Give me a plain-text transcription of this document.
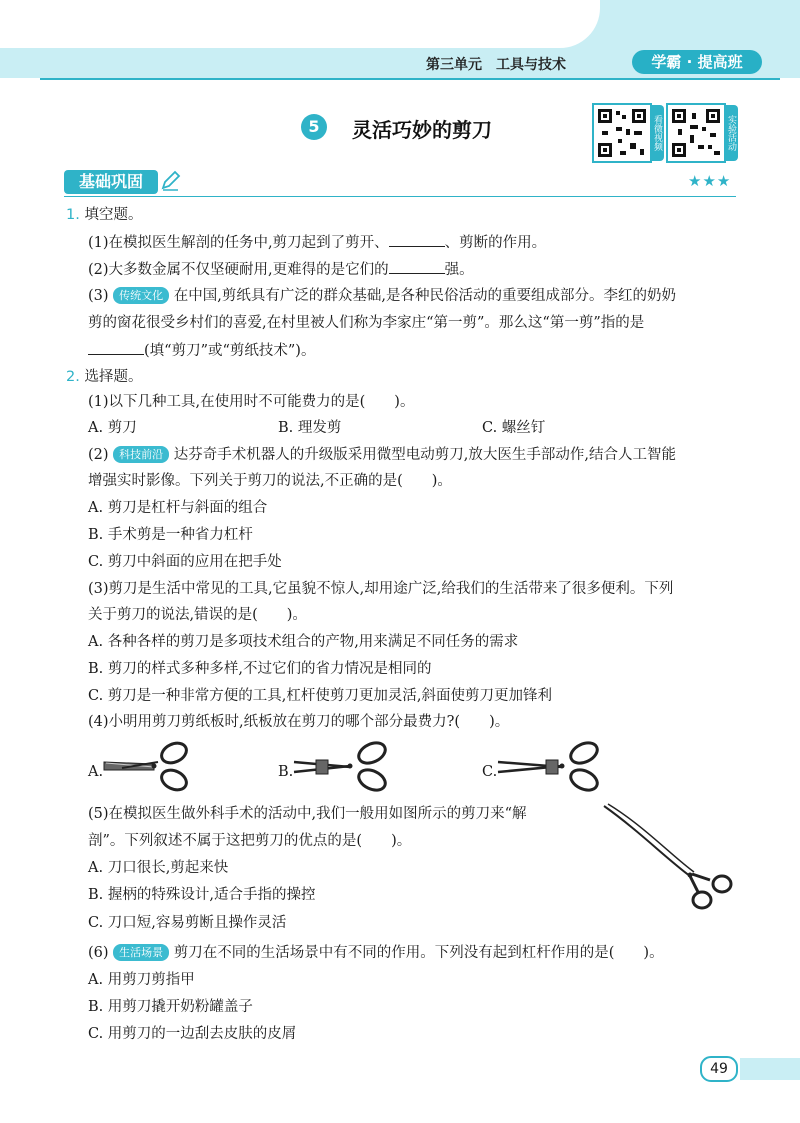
第三单元　工具与技术	学霸 · 提高班
5	灵活巧妙的剪刀	看微视频	实验活动
基础巩固	★★★
1. 填空题。
(1)在模拟医生解剖的任务中,剪刀起到了剪开、	、剪断的作用。
(2)大多数金属不仅坚硬耐用,更难得的是它们的	强。
(3) 传统文化 在中国,剪纸具有广泛的群众基础,是各种民俗活动的重要组成部分。李红的奶奶
剪的窗花很受乡村们的喜爱,在村里被人们称为李家庄“第一剪”。那么这“第一剪”指的是
(填“剪刀”或“剪纸技术”)。
2. 选择题。
(1)以下几种工具,在使用时不可能费力的是(　　)。
A. 剪刀	B. 理发剪	C. 螺丝钉
(2) 科技前沿 达芬奇手术机器人的升级版采用微型电动剪刀,放大医生手部动作,结合人工智能
增强实时影像。下列关于剪刀的说法,不正确的是(　　)。
A. 剪刀是杠杆与斜面的组合
B. 手术剪是一种省力杠杆
C. 剪刀中斜面的应用在把手处
(3)剪刀是生活中常见的工具,它虽貌不惊人,却用途广泛,给我们的生活带来了很多便利。下列
关于剪刀的说法,错误的是(　　)。
A. 各种各样的剪刀是多项技术组合的产物,用来满足不同任务的需求
B. 剪刀的样式多种多样,不过它们的省力情况是相同的
C. 剪刀是一种非常方便的工具,杠杆使剪刀更加灵活,斜面使剪刀更加锋利
(4)小明用剪刀剪纸板时,纸板放在剪刀的哪个部分最费力?(　　)。
A.	B.	C.
(5)在模拟医生做外科手术的活动中,我们一般用如图所示的剪刀来“解
剖”。下列叙述不属于这把剪刀的优点的是(　　)。
A. 刀口很长,剪起来快
B. 握柄的特殊设计,适合手指的操控
C. 刀口短,容易剪断且操作灵活
(6) 生活场景 剪刀在不同的生活场景中有不同的作用。下列没有起到杠杆作用的是(　　)。
A. 用剪刀剪指甲
B. 用剪刀撬开奶粉罐盖子
C. 用剪刀的一边刮去皮肤的皮屑
49
